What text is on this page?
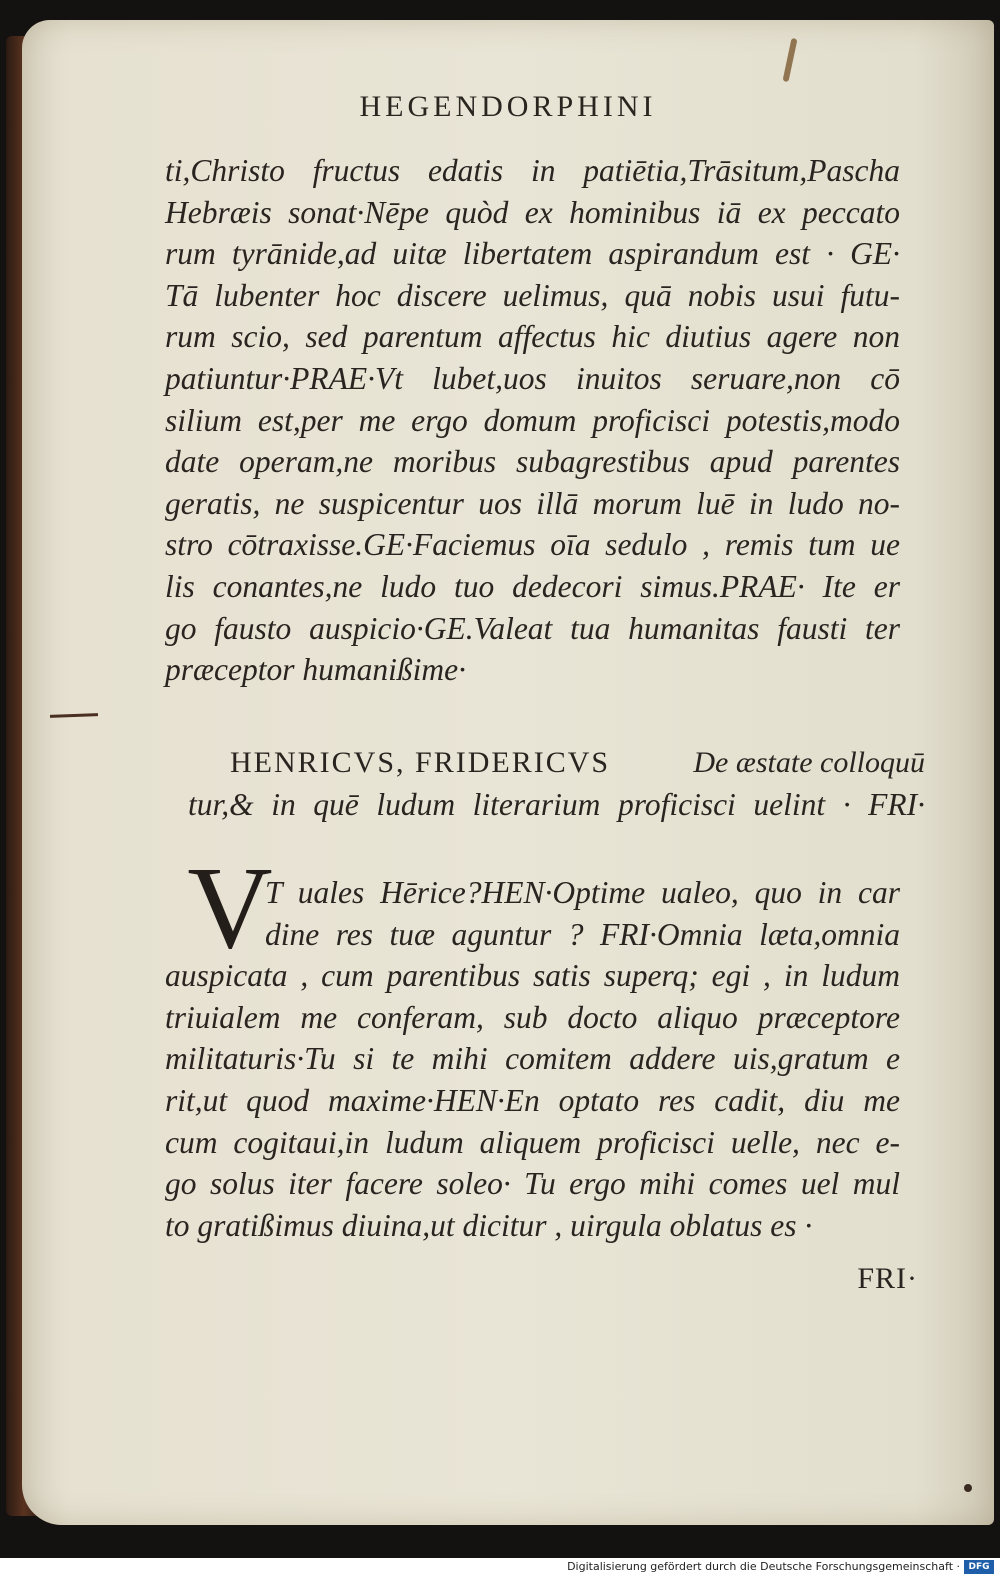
HEGENDORPHINI
ti,Christo fructus edatis in patiētia,Trāsitum,Pascha
Hebræis sonat·Nēpe quòd ex hominibus iā ex peccato
rum tyrānide,ad uitæ libertatem aspirandum est · GE·
Tā lubenter hoc discere uelimus, quā nobis usui futu-
rum scio, sed parentum affectus hic diutius agere non
patiuntur·PRAE·Vt lubet,uos inuitos seruare,non cō
silium est,per me ergo domum proficisci potestis,modo
date operam,ne moribus subagrestibus apud parentes
geratis, ne suspicentur uos illā morum luē in ludo no-
stro cōtraxisse.GE·Faciemus oīa sedulo , remis tum ue
lis conantes,ne ludo tuo dedecori simus.PRAE· Ite er
go fausto auspicio·GE.Valeat tua humanitas fausti ter
præceptor humanißime·
HENRICVS, FRIDERICVS	De æstate colloquū
tur,& in quē ludum literarium proficisci uelint · FRI·
V
T uales Hērice?HEN·Optime ualeo, quo in car
dine res tuæ aguntur ? FRI·Omnia læta,omnia
auspicata , cum parentibus satis superq; egi , in ludum
triuialem me conferam, sub docto aliquo præceptore
militaturis·Tu si te mihi comitem addere uis,gratum e
rit,ut quod maxime·HEN·En optato res cadit, diu me
cum cogitaui,in ludum aliquem proficisci uelle, nec e-
go solus iter facere soleo· Tu ergo mihi comes uel mul
to gratißimus diuina,ut dicitur , uirgula oblatus es ·
FRI·
Digitalisierung gefördert durch die Deutsche Forschungsgemeinschaft · DFG
